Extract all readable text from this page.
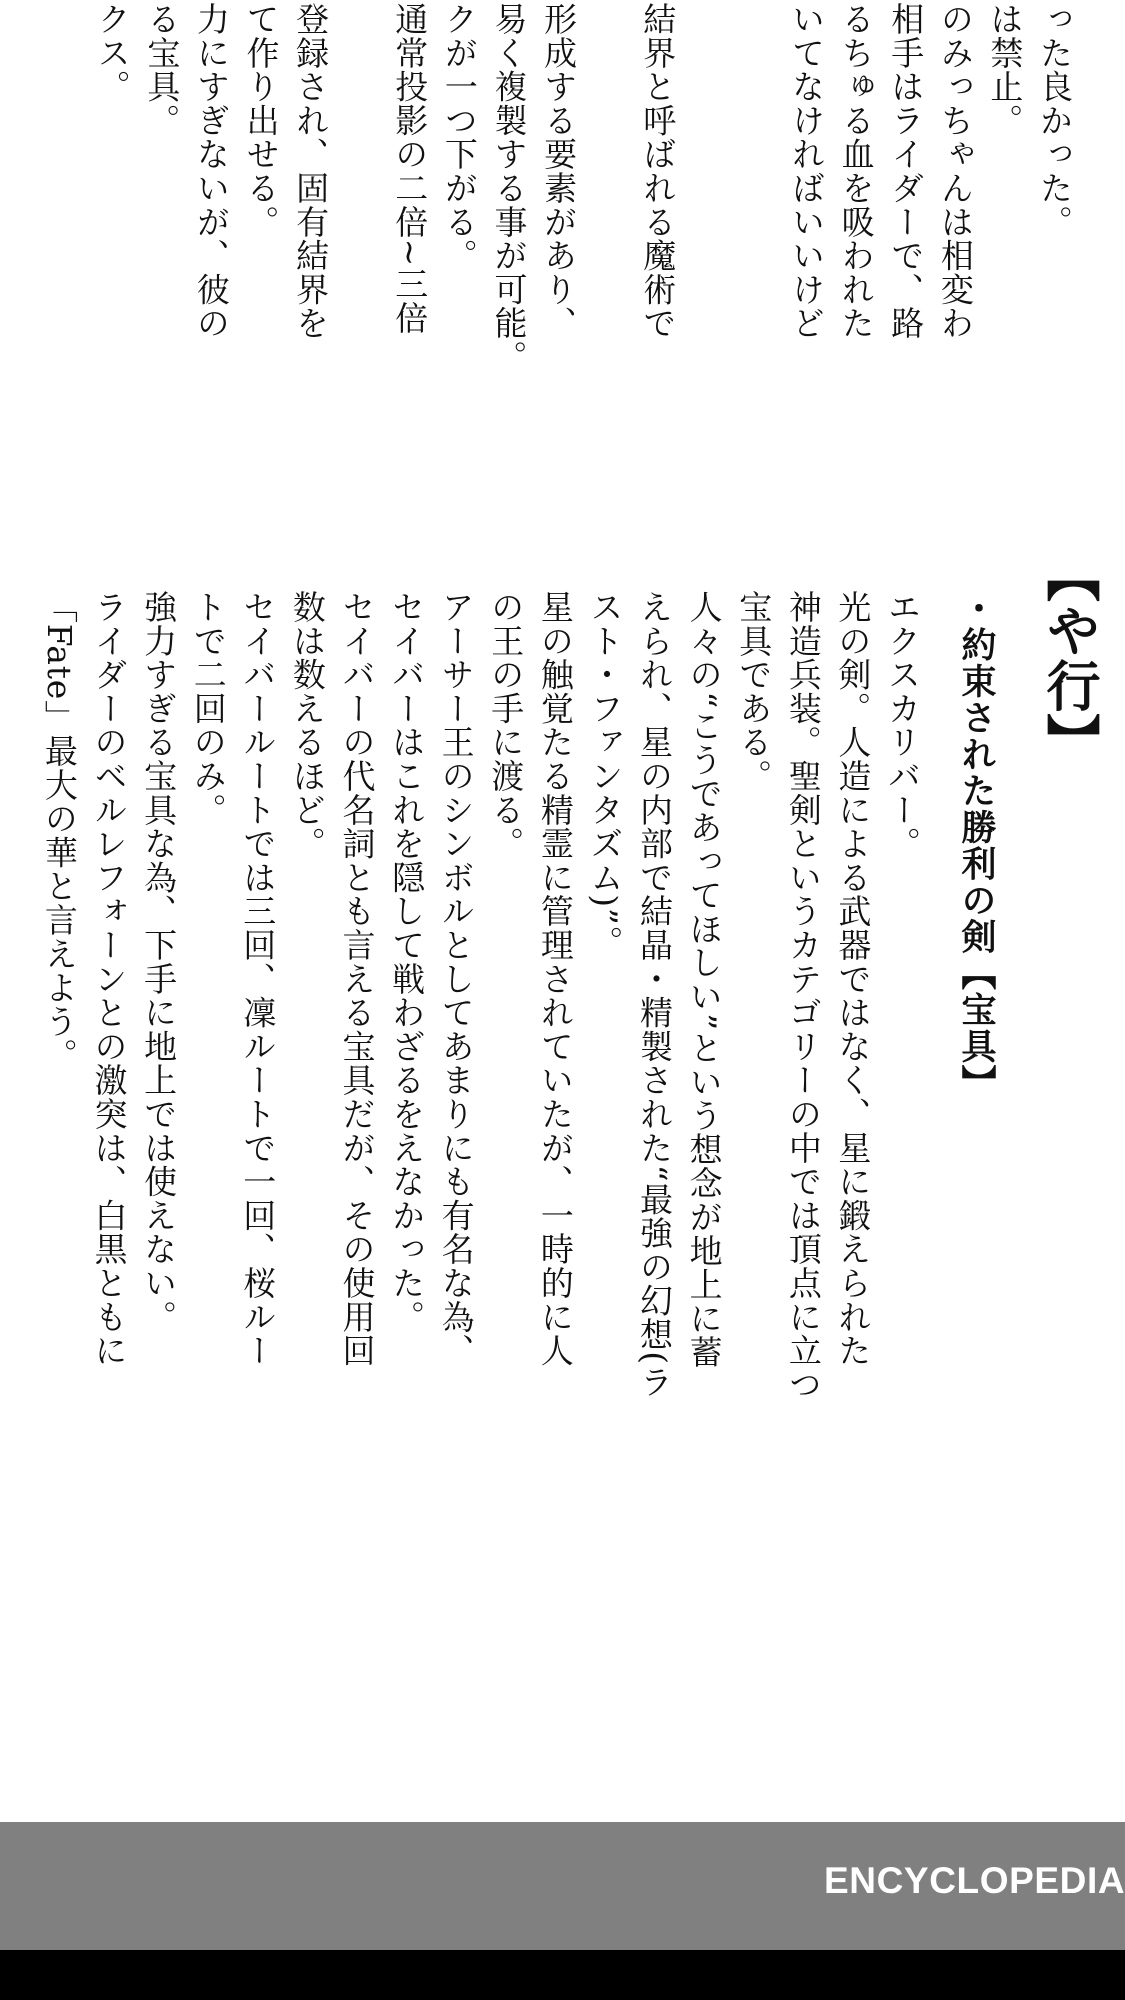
った良かった。
は禁止。
のみっちゃんは相変わ
相手はライダーで、路
るちゅる血を吸われた
いてなければいいけど

結界と呼ばれる魔術で

形成する要素があり、
易く複製する事が可能。
クが一つ下がる。
通常投影の二倍~三倍

登録され、固有結界を
て作り出せる。
力にすぎないが、彼の
る宝具。
クス。
【や行】
・約束された勝利の剣【宝具】
エクスカリバー。
光の剣。人造による武器ではなく、星に鍛えられた
神造兵装。聖剣というカテゴリーの中では頂点に立つ
宝具である。
人々の“こうであってほしい”という想念が地上に蓄
えられ、星の内部で結晶・精製された“最強の幻想(ラ
スト・ファンタズム)”。
星の触覚たる精霊に管理されていたが、一時的に人
の王の手に渡る。
アーサー王のシンボルとしてあまりにも有名な為、
セイバーはこれを隠して戦わざるをえなかった。
セイバーの代名詞とも言える宝具だが、その使用回
数は数えるほど。
セイバールートでは三回、凜ルートで一回、桜ルー
トで二回のみ。
強力すぎる宝具な為、下手に地上では使えない。
ライダーのベルレフォーンとの激突は、白黒ともに
「Fate」最大の華と言えよう。
ENCYCLOPEDIA
